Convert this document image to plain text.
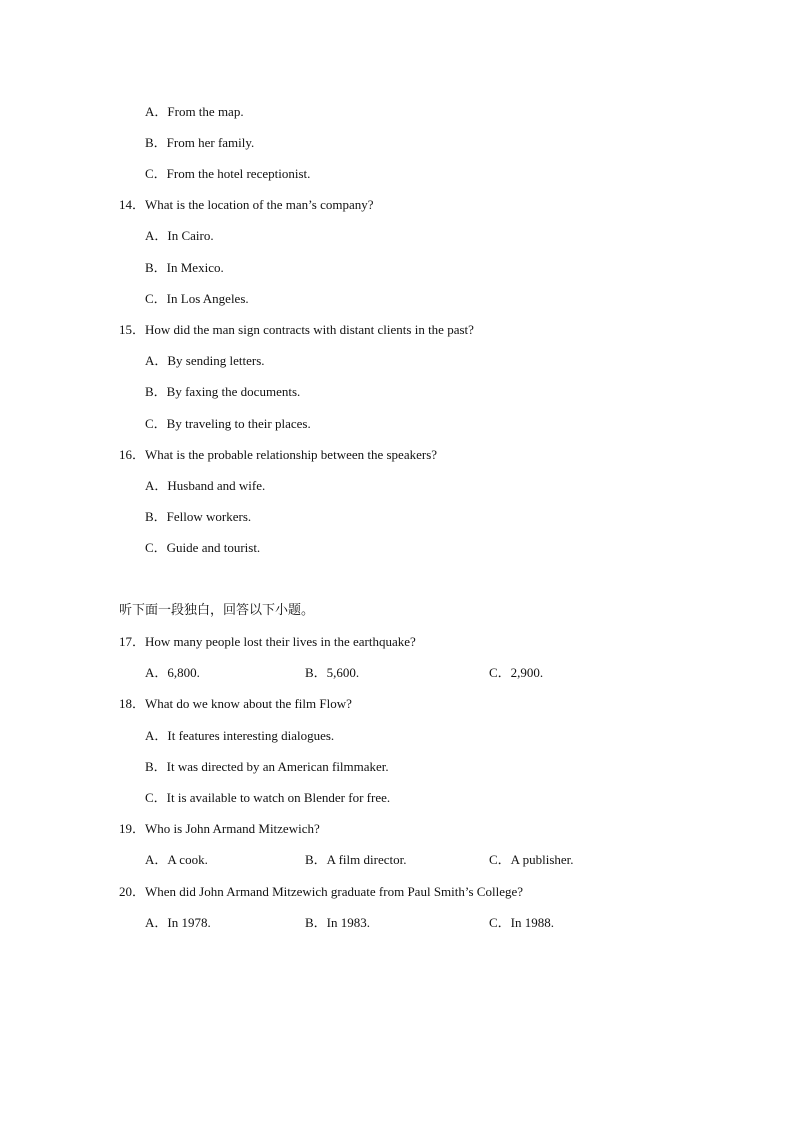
A．From the map.
B．From her family.
C．From the hotel receptionist.
14．What is the location of the man’s company?
A．In Cairo.
B．In Mexico.
C．In Los Angeles.
15．How did the man sign contracts with distant clients in the past?
A．By sending letters.
B．By faxing the documents.
C．By traveling to their places.
16．What is the probable relationship between the speakers?
A．Husband and wife.
B．Fellow workers.
C．Guide and tourist.
听下面一段独白，回答以下小题。
17．How many people lost their lives in the earthquake?
A．6,800.	B．5,600.	C．2,900.
18．What do we know about the film Flow?
A．It features interesting dialogues.
B．It was directed by an American filmmaker.
C．It is available to watch on Blender for free.
19．Who is John Armand Mitzewich?
A．A cook.	B．A film director.	C．A publisher.
20．When did John Armand Mitzewich graduate from Paul Smith’s College?
A．In 1978.	B．In 1983.	C．In 1988.
